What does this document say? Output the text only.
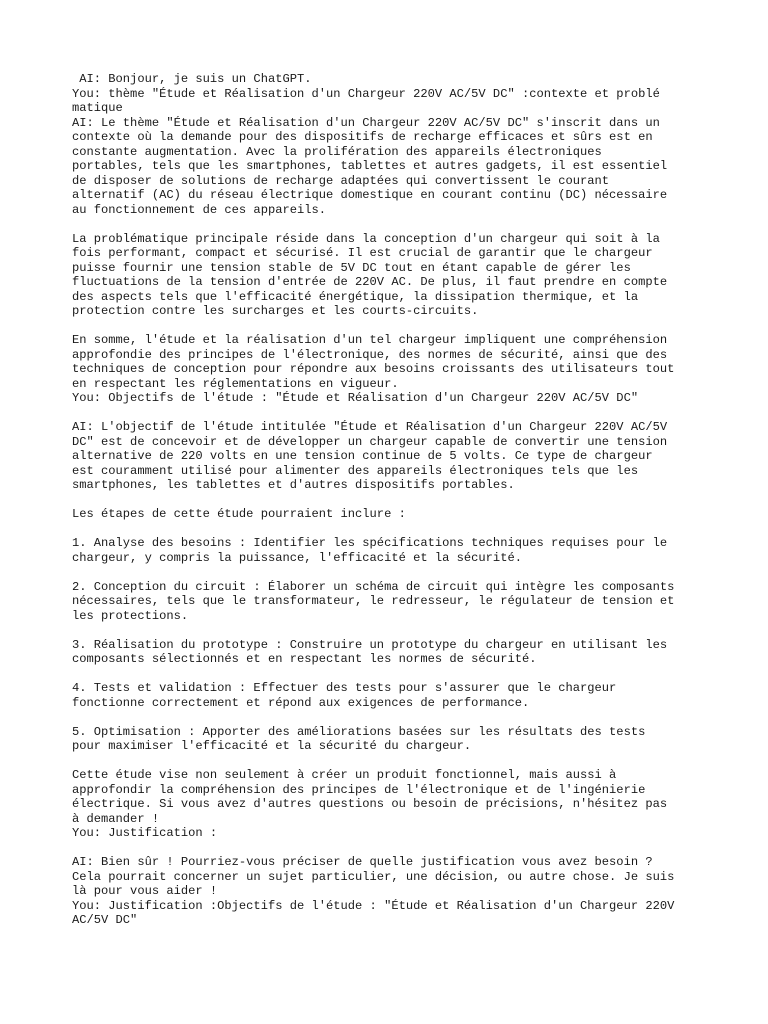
AI: Bonjour, je suis un ChatGPT.
You: thème "Étude et Réalisation d'un Chargeur 220V AC/5V DC" :contexte et problé
matique
AI: Le thème "Étude et Réalisation d'un Chargeur 220V AC/5V DC" s'inscrit dans un
contexte où la demande pour des dispositifs de recharge efficaces et sûrs est en
constante augmentation. Avec la prolifération des appareils électroniques
portables, tels que les smartphones, tablettes et autres gadgets, il est essentiel
de disposer de solutions de recharge adaptées qui convertissent le courant
alternatif (AC) du réseau électrique domestique en courant continu (DC) nécessaire
au fonctionnement de ces appareils.
La problématique principale réside dans la conception d'un chargeur qui soit à la
fois performant, compact et sécurisé. Il est crucial de garantir que le chargeur
puisse fournir une tension stable de 5V DC tout en étant capable de gérer les
fluctuations de la tension d'entrée de 220V AC. De plus, il faut prendre en compte
des aspects tels que l'efficacité énergétique, la dissipation thermique, et la
protection contre les surcharges et les courts-circuits.
En somme, l'étude et la réalisation d'un tel chargeur impliquent une compréhension
approfondie des principes de l'électronique, des normes de sécurité, ainsi que des
techniques de conception pour répondre aux besoins croissants des utilisateurs tout
en respectant les réglementations en vigueur.
You: Objectifs de l'étude : "Étude et Réalisation d'un Chargeur 220V AC/5V DC"
AI: L'objectif de l'étude intitulée "Étude et Réalisation d'un Chargeur 220V AC/5V
DC" est de concevoir et de développer un chargeur capable de convertir une tension
alternative de 220 volts en une tension continue de 5 volts. Ce type de chargeur
est couramment utilisé pour alimenter des appareils électroniques tels que les
smartphones, les tablettes et d'autres dispositifs portables.
Les étapes de cette étude pourraient inclure :
1. Analyse des besoins : Identifier les spécifications techniques requises pour le
chargeur, y compris la puissance, l'efficacité et la sécurité.
2. Conception du circuit : Élaborer un schéma de circuit qui intègre les composants
nécessaires, tels que le transformateur, le redresseur, le régulateur de tension et
les protections.
3. Réalisation du prototype : Construire un prototype du chargeur en utilisant les
composants sélectionnés et en respectant les normes de sécurité.
4. Tests et validation : Effectuer des tests pour s'assurer que le chargeur
fonctionne correctement et répond aux exigences de performance.
5. Optimisation : Apporter des améliorations basées sur les résultats des tests
pour maximiser l'efficacité et la sécurité du chargeur.
Cette étude vise non seulement à créer un produit fonctionnel, mais aussi à
approfondir la compréhension des principes de l'électronique et de l'ingénierie
électrique. Si vous avez d'autres questions ou besoin de précisions, n'hésitez pas
à demander !
You: Justification :
AI: Bien sûr ! Pourriez-vous préciser de quelle justification vous avez besoin ?
Cela pourrait concerner un sujet particulier, une décision, ou autre chose. Je suis
là pour vous aider !
You: Justification :Objectifs de l'étude : "Étude et Réalisation d'un Chargeur 220V
AC/5V DC"
